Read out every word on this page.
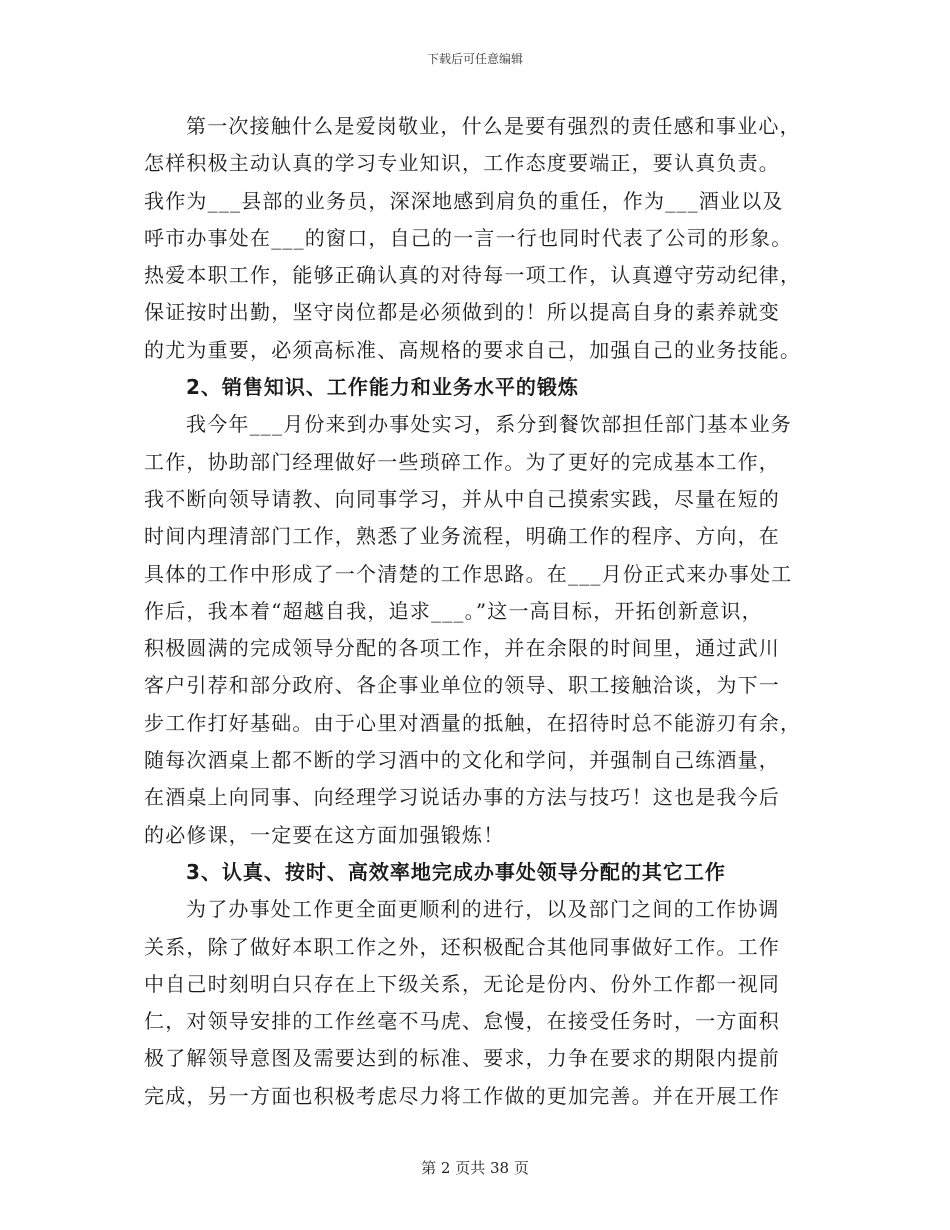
下载后可任意编辑
第一次接触什么是爱岗敬业，什么是要有强烈的责任感和事业心，
怎样积极主动认真的学习专业知识，工作态度要端正，要认真负责。
我作为___县部的业务员，深深地感到肩负的重任，作为___酒业以及
呼市办事处在___的窗口，自己的一言一行也同时代表了公司的形象。
热爱本职工作，能够正确认真的对待每一项工作，认真遵守劳动纪律，
保证按时出勤，坚守岗位都是必须做到的！所以提高自身的素养就变
的尤为重要，必须高标准、高规格的要求自己，加强自己的业务技能。
2、销售知识、工作能力和业务水平的锻炼
我今年___月份来到办事处实习，系分到餐饮部担任部门基本业务
工作，协助部门经理做好一些琐碎工作。为了更好的完成基本工作，
我不断向领导请教、向同事学习，并从中自己摸索实践，尽量在短的
时间内理清部门工作，熟悉了业务流程，明确工作的程序、方向，在
具体的工作中形成了一个清楚的工作思路。在___月份正式来办事处工
作后，我本着“超越自我，追求___。”这一高目标，开拓创新意识，
积极圆满的完成领导分配的各项工作，并在余限的时间里，通过武川
客户引荐和部分政府、各企事业单位的领导、职工接触洽谈，为下一
步工作打好基础。由于心里对酒量的抵触，在招待时总不能游刃有余，
随每次酒桌上都不断的学习酒中的文化和学问，并强制自己练酒量，
在酒桌上向同事、向经理学习说话办事的方法与技巧！这也是我今后
的必修课，一定要在这方面加强锻炼！
3、认真、按时、高效率地完成办事处领导分配的其它工作
为了办事处工作更全面更顺利的进行，以及部门之间的工作协调
关系，除了做好本职工作之外，还积极配合其他同事做好工作。工作
中自己时刻明白只存在上下级关系，无论是份内、份外工作都一视同
仁，对领导安排的工作丝毫不马虎、怠慢，在接受任务时，一方面积
极了解领导意图及需要达到的标准、要求，力争在要求的期限内提前
完成，另一方面也积极考虑尽力将工作做的更加完善。并在开展工作
第 2 页共 38 页
